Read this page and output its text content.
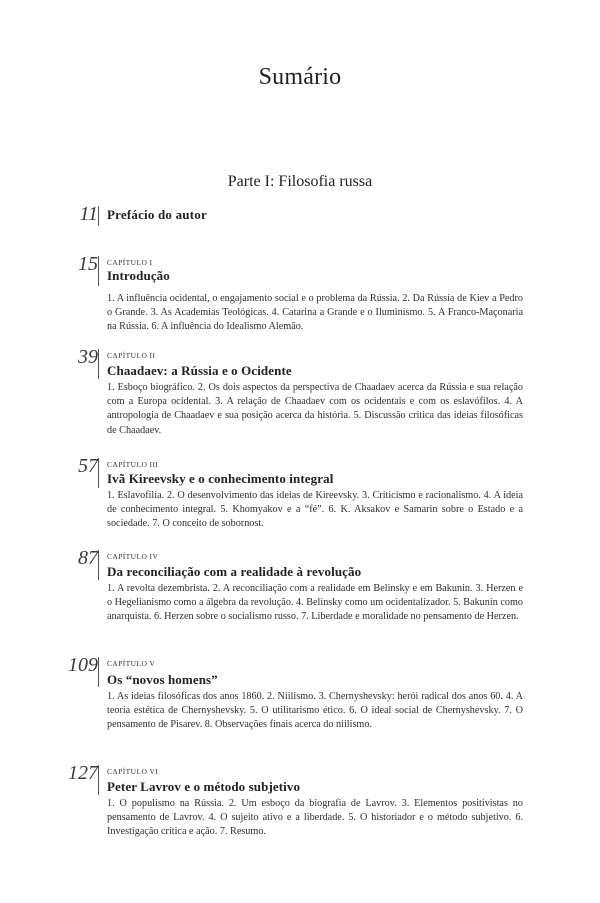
Sumário
Parte I: Filosofia russa
11 Prefácio do autor
15 CAPÍTULO I
Introdução
1. A influência ocidental, o engajamento social e o problema da Rússia. 2. Da Rússia de Kiev a Pedro o Grande. 3. As Academias Teológicas. 4. Catarina a Grande e o Iluminismo. 5. A Franco-Maçonaria na Rússia. 6. A influência do Idealismo Alemão.
39 CAPÍTULO II
Chaadaev: a Rússia e o Ocidente
1. Esboço biográfico. 2. Os dois aspectos da perspectiva de Chaadaev acerca da Rússia e sua relação com a Europa ocidental. 3. A relação de Chaadaev com os ocidentais e com os eslavófilos. 4. A antropologia de Chaadaev e sua posição acerca da história. 5. Discussão crítica das ideias filosóficas de Chaadaev.
57 CAPÍTULO III
Ivã Kireevsky e o conhecimento integral
1. Eslavofilia. 2. O desenvolvimento das ideias de Kireevsky. 3. Criticismo e racionalismo. 4. A ideia de conhecimento integral. 5. Khomyakov e a “fé”. 6. K. Aksakov e Samarin sobre o Estado e a sociedade. 7. O conceito de sobornost.
87 CAPÍTULO IV
Da reconciliação com a realidade à revolução
1. A revolta dezembrista. 2. A reconciliação com a realidade em Belinsky e em Bakunin. 3. Herzen e o Hegelianismo como a álgebra da revolução. 4. Belinsky como um ocidentalizador. 5. Bakunin como anarquista. 6. Herzen sobre o socialismo russo. 7. Liberdade e moralidade no pensamento de Herzen.
109 CAPÍTULO V
Os “novos homens”
1. As ideias filosóficas dos anos 1860. 2. Niilismo. 3. Chernyshevsky: herói radical dos anos 60. 4. A teoria estética de Chernyshevsky. 5. O utilitarismo ético. 6. O ideal social de Chernyshevsky. 7. O pensamento de Pisarev. 8. Observações finais acerca do niilismo.
127 CAPÍTULO VI
Peter Lavrov e o método subjetivo
1. O populismo na Rússia. 2. Um esboço da biografia de Lavrov. 3. Elementos positivistas no pensamento de Lavrov. 4. O sujeito ativo e a liberdade. 5. O historiador e o método subjetivo. 6. Investigação crítica e ação. 7. Resumo.
